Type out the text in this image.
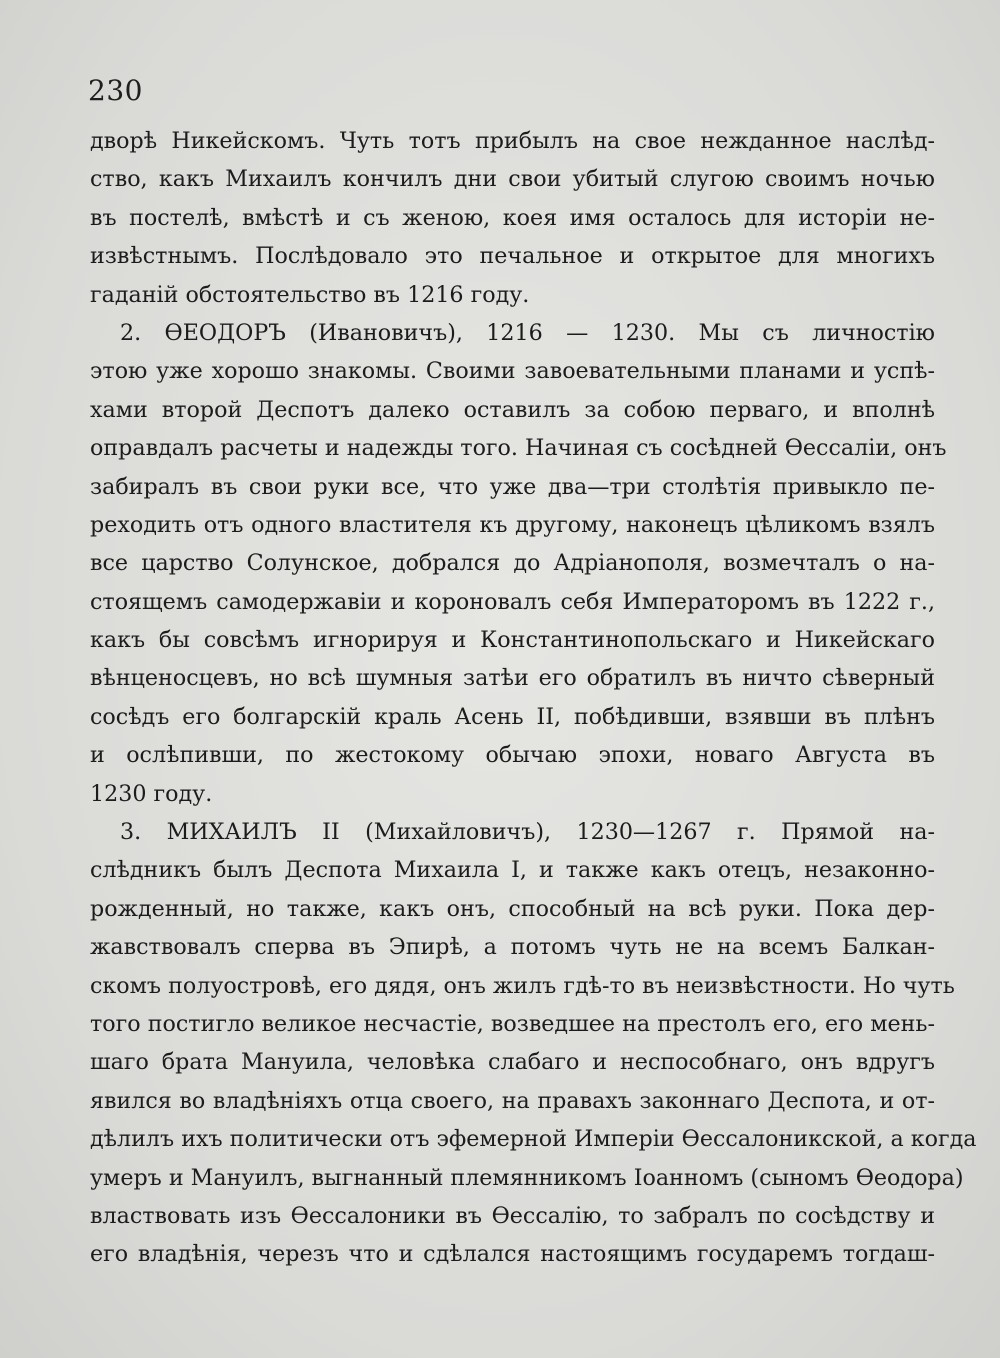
230
дворѣ Никейскомъ. Чуть тотъ прибылъ на свое нежданное наслѣд-
ство, какъ Михаилъ кончилъ дни свои убитый слугою своимъ ночью
въ постелѣ, вмѣстѣ и съ женою, коея имя осталось для исторіи не-
извѣстнымъ. Послѣдовало это печальное и открытое для многихъ
гаданій обстоятельство въ 1216 году.
2. ѲЕОДОРЪ (Ивановичъ), 1216 — 1230. Мы съ личностію
этою уже хорошо знакомы. Своими завоевательными планами и успѣ-
хами второй Деспотъ далеко оставилъ за собою перваго, и вполнѣ
оправдалъ расчеты и надежды того. Начиная съ сосѣдней Ѳессаліи, онъ
забиралъ въ свои руки все, что уже два—три столѣтія привыкло пе-
реходить отъ одного властителя къ другому, наконецъ цѣликомъ взялъ
все царство Солунское, добрался до Адріанополя, возмечталъ о на-
стоящемъ самодержавіи и короновалъ себя Императоромъ въ 1222 г.,
какъ бы совсѣмъ игнорируя и Константинопольскаго и Никейскаго
вѣнценосцевъ, но всѣ шумныя затѣи его обратилъ въ ничто сѣверный
сосѣдъ его болгарскій краль Асень II, побѣдивши, взявши въ плѣнъ
и ослѣпивши, по жестокому обычаю эпохи, новаго Августа въ
1230 году.
3. МИХАИЛЪ II (Михайловичъ), 1230—1267 г. Прямой на-
слѣдникъ былъ Деспота Михаила I, и также какъ отецъ, незаконно-
рожденный, но также, какъ онъ, способный на всѣ руки. Пока дер-
жавствовалъ сперва въ Эпирѣ, а потомъ чуть не на всемъ Балкан-
скомъ полуостровѣ, его дядя, онъ жилъ гдѣ-то въ неизвѣстности. Но чуть
того постигло великое несчастіе, возведшее на престолъ его, его мень-
шаго брата Мануила, человѣка слабаго и неспособнаго, онъ вдругъ
явился во владѣніяхъ отца своего, на правахъ законнаго Деспота, и от-
дѣлилъ ихъ политически отъ эфемерной Имперіи Ѳессалоникской, а когда
умеръ и Мануилъ, выгнанный племянникомъ Іоанномъ (сыномъ Ѳеодора)
властвовать изъ Ѳессалоники въ Ѳессалію, то забралъ по сосѣдству и
его владѣнія, черезъ что и сдѣлался настоящимъ государемъ тогдаш-
